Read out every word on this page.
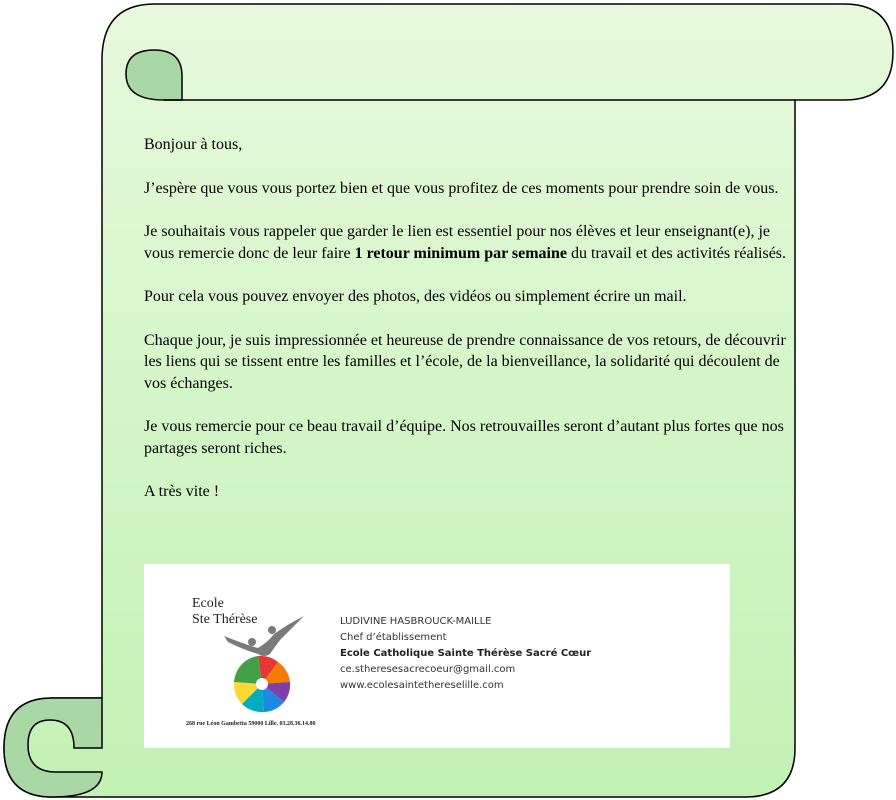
Bonjour à tous,

J’espère que vous vous portez bien et que vous profitez de ces moments pour prendre soin de vous.

Je souhaitais vous rappeler que garder le lien est essentiel pour nos élèves et leur enseignant(e), je vous remercie donc de leur faire 1 retour minimum par semaine du travail et des activités réalisés.

Pour cela vous pouvez envoyer des photos, des vidéos ou simplement écrire un mail.

Chaque jour, je suis impressionnée et heureuse de prendre connaissance de vos retours, de découvrir les liens qui se tissent entre les familles et l’école, de la bienveillance, la solidarité qui découlent de vos échanges.

Je vous remercie pour ce beau travail d’équipe. Nos retrouvailles seront d’autant plus fortes que nos partages seront riches.

A très vite !

Ecole
Ste Thérèse
268 rue Léon Gambetta 59000 Lille. 03.28.36.14.80
LUDIVINE HASBROUCK-MAILLE
Chef d’établissement
Ecole Catholique Sainte Thérèse Sacré Cœur
ce.stheresesacrecoeur@gmail.com
www.ecolesaintethereselille.com
